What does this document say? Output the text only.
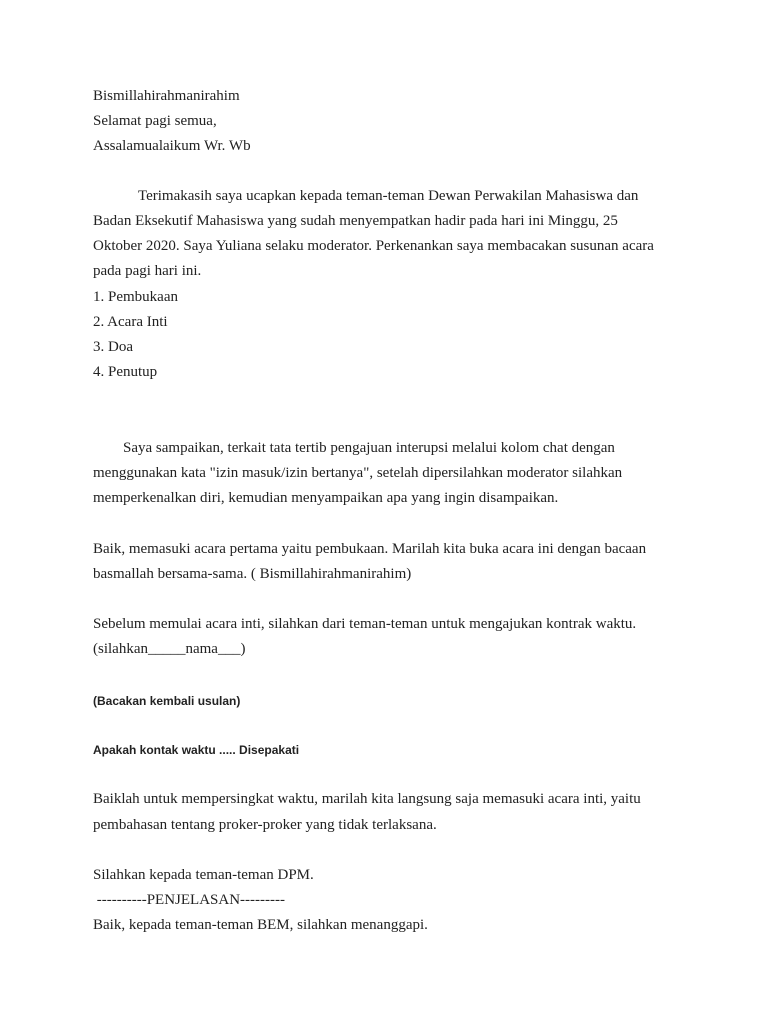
Bismillahirahmanirahim
Selamat pagi semua,
Assalamualaikum Wr. Wb
Terimakasih saya ucapkan kepada teman-teman Dewan Perwakilan Mahasiswa dan
Badan Eksekutif Mahasiswa yang sudah menyempatkan hadir pada hari ini Minggu, 25
Oktober 2020. Saya Yuliana selaku moderator. Perkenankan saya membacakan susunan acara
pada pagi hari ini.
1. Pembukaan
2. Acara Inti
3. Doa
4. Penutup
Saya sampaikan, terkait tata tertib pengajuan interupsi melalui kolom chat dengan
menggunakan kata "izin masuk/izin bertanya", setelah dipersilahkan moderator silahkan
memperkenalkan diri, kemudian menyampaikan apa yang ingin disampaikan.
Baik, memasuki acara pertama yaitu pembukaan. Marilah kita buka acara ini dengan bacaan
basmallah bersama-sama. ( Bismillahirahmanirahim)
Sebelum memulai acara inti, silahkan dari teman-teman untuk mengajukan kontrak waktu.
(silahkan_____nama___)
(Bacakan kembali usulan)
Apakah kontak waktu ..... Disepakati
Baiklah untuk mempersingkat waktu, marilah kita langsung saja memasuki acara inti, yaitu
pembahasan tentang proker-proker yang tidak terlaksana.
Silahkan kepada teman-teman DPM.
----------PENJELASAN---------
Baik, kepada teman-teman BEM, silahkan menanggapi.
